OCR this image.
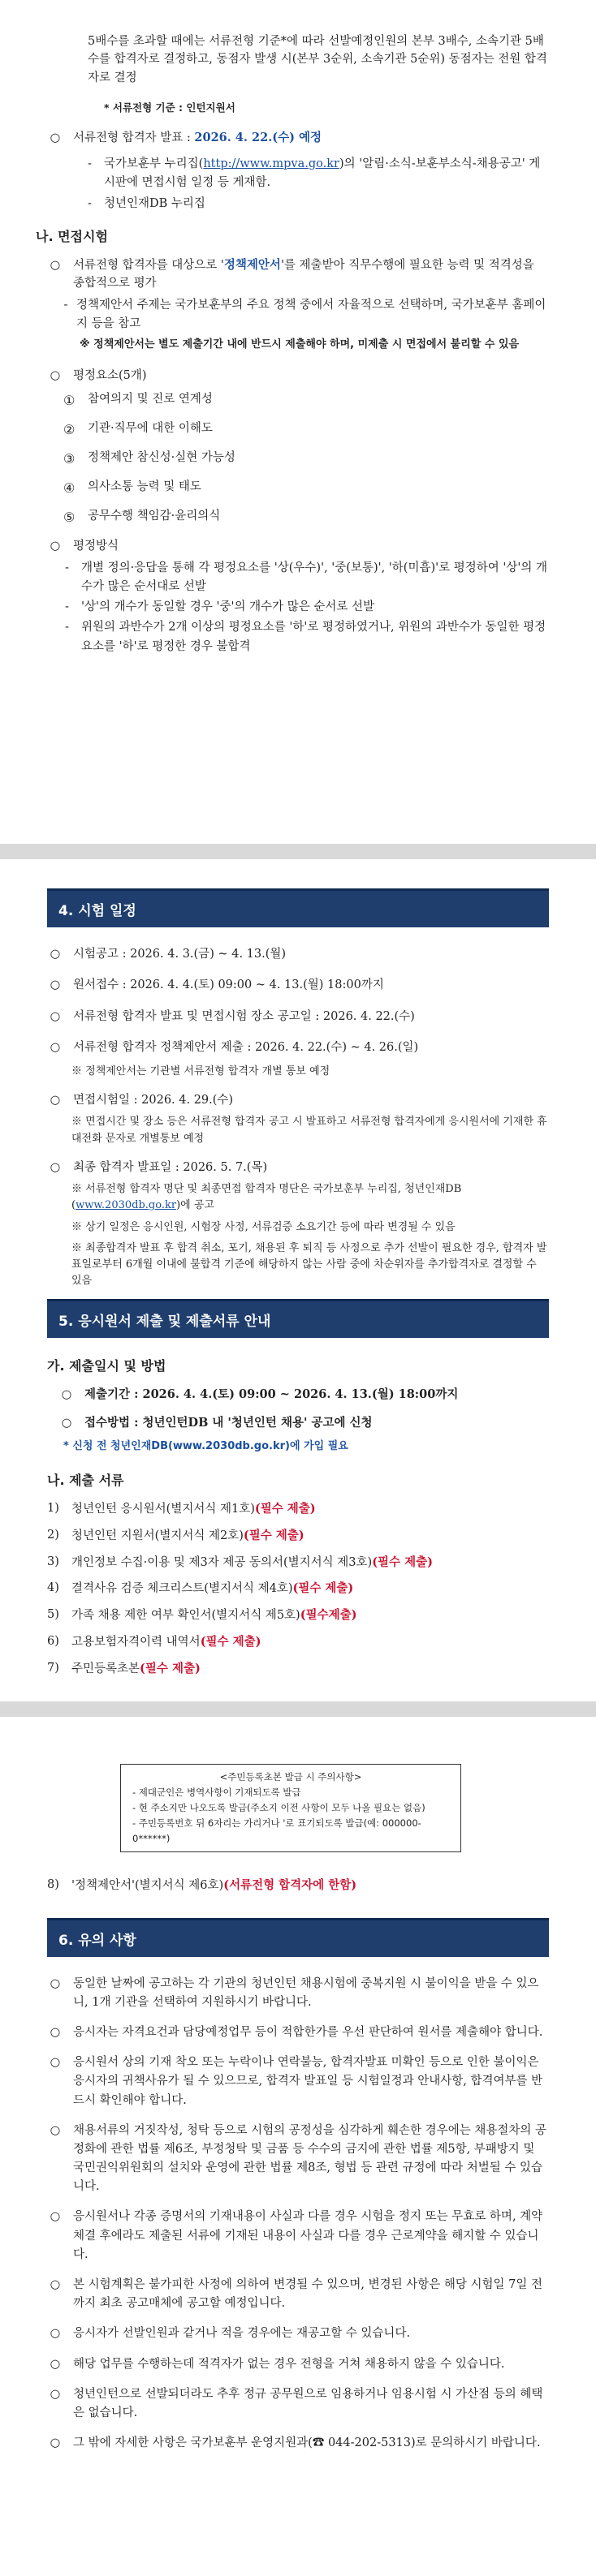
5배수를 초과할 때에는 서류전형 기준*에 따라 선발예정인원의 본부 3배수, 소속기관 5배수를 합격자로 결정하고, 동점자 발생 시(본부 3순위, 소속기관 5순위) 동점자는 전원 합격자로 결정
* 서류전형 기준 : 인턴지원서
○ 서류전형 합격자 발표 : 2026. 4. 22.(수) 예정
-	국가보훈부 누리집(http://www.mpva.go.kr)의 '알림·소식-보훈부소식-채용공고' 게시판에 면접시험 일정 등 게재함.
-	청년인재DB 누리집
나. 면접시험
○ 서류전형 합격자를 대상으로 '정책제안서'를 제출받아 직무수행에 필요한 능력 및 적격성을 종합적으로 평가
- 정책제안서 주제는 국가보훈부의 주요 정책 중에서 자율적으로 선택하며, 국가보훈부 홈페이지 등을 참고
※ 정책제안서는 별도 제출기간 내에 반드시 제출해야 하며, 미제출 시 면접에서 불리할 수 있음
○ 평정요소(5개)
①	참여의지 및 진로 연계성
②	기관·직무에 대한 이해도
③	정책제안 참신성·실현 가능성
④	의사소통 능력 및 태도
⑤	공무수행 책임감·윤리의식
○ 평정방식
-	개별 정의·응답을 통해 각 평정요소를 '상(우수)', '중(보통)', '하(미흡)'로 평정하여 '상'의 개수가 많은 순서대로 선발
-	'상'의 개수가 동일할 경우 '중'의 개수가 많은 순서로 선발
-	위원의 과반수가 2개 이상의 평정요소를 '하'로 평정하였거나, 위원의 과반수가 동일한 평정요소를 '하'로 평정한 경우 불합격
4. 시험 일정
○ 시험공고 : 2026. 4. 3.(금) ~ 4. 13.(월)
○ 원서접수 : 2026. 4. 4.(토) 09:00 ~ 4. 13.(월) 18:00까지
○ 서류전형 합격자 발표 및 면접시험 장소 공고일 : 2026. 4. 22.(수)
○ 서류전형 합격자 정책제안서 제출 : 2026. 4. 22.(수) ~ 4. 26.(일)
※ 정책제안서는 기관별 서류전형 합격자 개별 통보 예정
○ 면접시험일 : 2026. 4. 29.(수)
※ 면접시간 및 장소 등은 서류전형 합격자 공고 시 발표하고 서류전형 합격자에게 응시원서에 기재한 휴대전화 문자로 개별통보 예정
○ 최종 합격자 발표일 : 2026. 5. 7.(목)
※ 서류전형 합격자 명단 및 최종면접 합격자 명단은 국가보훈부 누리집, 청년인재DB (www.2030db.go.kr)에 공고
※ 상기 일정은 응시인원, 시험장 사정, 서류검증 소요기간 등에 따라 변경될 수 있음
※ 최종합격자 발표 후 합격 취소, 포기, 채용된 후 퇴직 등 사정으로 추가 선발이 필요한 경우, 합격자 발표일로부터 6개월 이내에 불합격 기준에 해당하지 않는 사람 중에 차순위자를 추가합격자로 결정할 수 있음
5. 응시원서 제출 및 제출서류 안내
가. 제출일시 및 방법
○ 제출기간 : 2026. 4. 4.(토) 09:00 ~ 2026. 4. 13.(월) 18:00까지
○ 접수방법 : 청년인턴DB 내 '청년인턴 채용' 공고에 신청
* 신청 전 청년인재DB(www.2030db.go.kr)에 가입 필요
나. 제출 서류
1)	청년인턴 응시원서(별지서식 제1호)(필수 제출)
2)	청년인턴 지원서(별지서식 제2호)(필수 제출)
3)	개인정보 수집·이용 및 제3자 제공 동의서(별지서식 제3호)(필수 제출)
4)	결격사유 검증 체크리스트(별지서식 제4호)(필수 제출)
5)	가족 채용 제한 여부 확인서(별지서식 제5호)(필수제출)
6)	고용보험자격이력 내역서(필수 제출)
7)	주민등록초본(필수 제출)
<주민등록초본 발급 시 주의사항>
- 제대군인은 병역사항이 기재되도록 발급
- 현 주소지만 나오도록 발급(주소지 이전 사항이 모두 나올 필요는 없음)
- 주민등록번호 뒤 6자리는 가리거나 '로 표기되도록 발급(예: 000000-0******)
8)	'정책제안서'(별지서식 제6호)(서류전형 합격자에 한함)
6. 유의 사항
○ 동일한 날짜에 공고하는 각 기관의 청년인턴 채용시험에 중복지원 시 불이익을 받을 수 있으니, 1개 기관을 선택하여 지원하시기 바랍니다.
○ 응시자는 자격요건과 담당예정업무 등이 적합한가를 우선 판단하여 원서를 제출해야 합니다.
○ 응시원서 상의 기재 착오 또는 누락이나 연락불능, 합격자발표 미확인 등으로 인한 불이익은 응시자의 귀책사유가 될 수 있으므로, 합격자 발표일 등 시험일정과 안내사항, 합격여부를 반드시 확인해야 합니다.
○ 채용서류의 거짓작성, 청탁 등으로 시험의 공정성을 심각하게 훼손한 경우에는 채용절차의 공정화에 관한 법률 제6조, 부정청탁 및 금품 등 수수의 금지에 관한 법률 제5항, 부패방지 및 국민권익위원회의 설치와 운영에 관한 법률 제8조, 형법 등 관련 규정에 따라 처벌될 수 있습니다.
○ 응시원서나 각종 증명서의 기재내용이 사실과 다를 경우 시험을 정지 또는 무효로 하며, 계약체결 후에라도 제출된 서류에 기재된 내용이 사실과 다를 경우 근로계약을 해지할 수 있습니다.
○ 본 시험계획은 불가피한 사정에 의하여 변경될 수 있으며, 변경된 사항은 해당 시험일 7일 전까지 최초 공고매체에 공고할 예정입니다.
○ 응시자가 선발인원과 같거나 적을 경우에는 재공고할 수 있습니다.
○ 해당 업무를 수행하는데 적격자가 없는 경우 전형을 거쳐 채용하지 않을 수 있습니다.
○ 청년인턴으로 선발되더라도 추후 정규 공무원으로 임용하거나 임용시험 시 가산점 등의 혜택은 없습니다.
○ 그 밖에 자세한 사항은 국가보훈부 운영지원과(☎ 044-202-5313)로 문의하시기 바랍니다.
